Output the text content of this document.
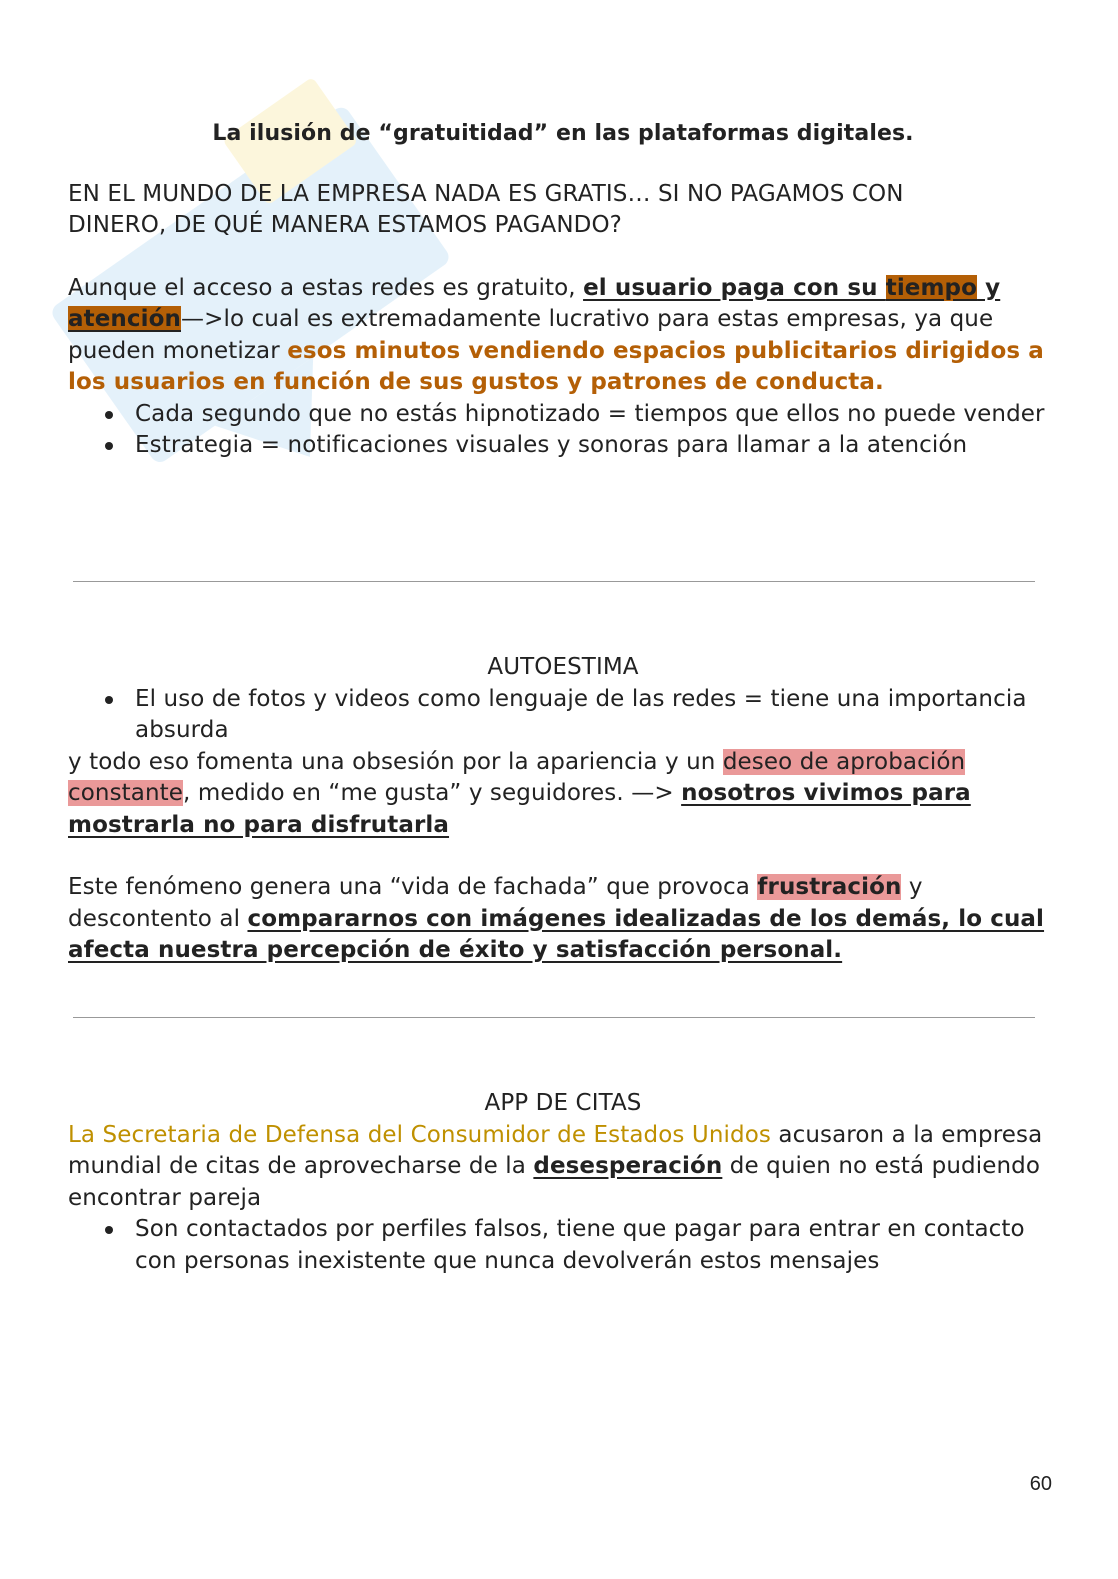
La ilusión de “gratuitidad” en las plataformas digitales.

EN EL MUNDO DE LA EMPRESA NADA ES GRATIS… SI NO PAGAMOS CON

DINERO, DE QUÉ MANERA ESTAMOS PAGANDO?

Aunque el acceso a estas redes es gratuito, el usuario paga con su tiempo y
atención—>lo cual es extremadamente lucrativo para estas empresas, ya que pueden monetizar esos minutos vendiendo espacios publicitarios dirigidos a los usuarios en función de sus gustos y patrones de conducta.

Cada segundo que no estás hipnotizado = tiempos que ellos no puede vender
Estrategia = notificaciones visuales y sonoras para llamar a la atención

AUTOESTIMA

El uso de fotos y videos como lenguaje de las redes = tiene una importancia absurda

y todo eso fomenta una obsesión por la apariencia y un deseo de aprobación constante, medido en “me gusta” y seguidores. —> nosotros vivimos para mostrarla no para disfrutarla

Este fenómeno genera una “vida de fachada” que provoca frustración y descontento al compararnos con imágenes idealizadas de los demás, lo cual afecta nuestra percepción de éxito y satisfacción personal.

APP DE CITAS

La Secretaria de Defensa del Consumidor de Estados Unidos acusaron a la empresa mundial de citas de aprovecharse de la desesperación de quien no está pudiendo encontrar pareja

Son contactados por perfiles falsos, tiene que pagar para entrar en contacto con personas inexistente que nunca devolverán estos mensajes
60
